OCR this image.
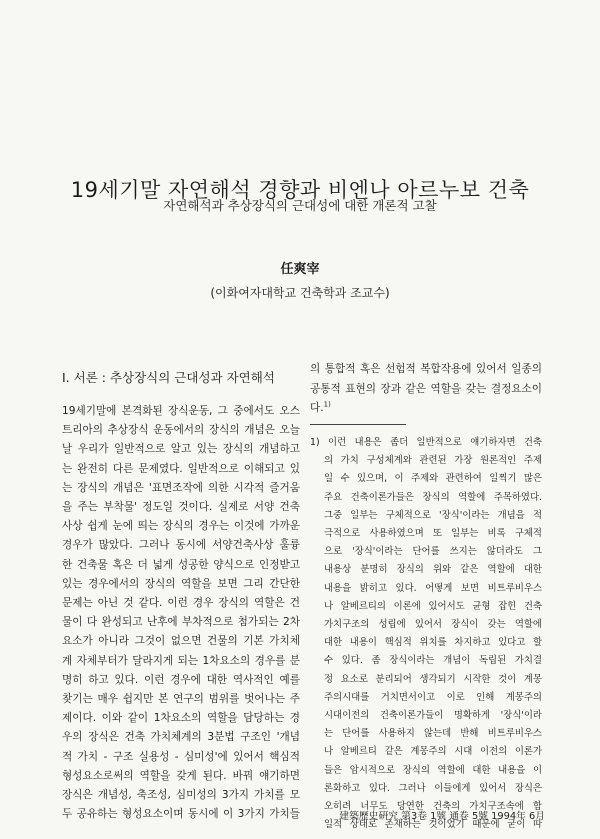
19세기말 자연해석 경향과 비엔나 아르누보 건축
자연해석과 추상장식의 근대성에 대한 개론적 고찰
任爽宰
(이화여자대학교 건축학과 조교수)
I. 서론 : 추상장식의 근대성과 자연해석
19세기말에 본격화된 장식운동, 그 중에서도 오스
트리아의 추상장식 운동에서의 장식의 개념은 오늘
날 우리가 일반적으로 알고 있는 장식의 개념하고
는 완전히 다른 문제였다. 일반적으로 이해되고 있
는 장식의 개념은 '표면조작에 의한 시각적 즐거움
을 주는 부착물' 정도일 것이다. 실제로 서양 건축
사상 쉽게 눈에 띄는 장식의 경우는 이것에 가까운
경우가 많았다. 그러나 동시에 서양건축사상 훌륭
한 건축물 혹은 더 넓게 성공한 양식으로 인정받고
있는 경우에서의 장식의 역할을 보면 그리 간단한
문제는 아닌 것 같다. 이런 경우 장식의 역할은 건
물이 다 완성되고 난후에 부차적으로 첨가되는 2차
요소가 아니라 그것이 없으면 건물의 기본 가치체
계 자체부터가 달라지게 되는 1차요소의 경우를 분
명히 하고 있다. 이런 경우에 대한 역사적인 예를
찾기는 매우 쉽지만 본 연구의 범위를 벗어나는 주
제이다. 이와 같이 1차요소의 역할을 담당하는 경
우의 장식은 건축 가치체계의 3분법 구조인 '개념
적 가치 - 구조 실용성 - 심미성'에 있어서 핵심적
형성요소로써의 역할을 갖게 된다. 바꿔 얘기하면
장식은 개념성, 축조성, 심미성의 3가지 가치를 모
두 공유하는 형성요소이며 동시에 이 3가지 가치들
의 통합적 혹은 선험적 복합작용에 있어서 일종의
공통적 표현의 장과 같은 역할을 갖는 결정요소이
다.$^{1)}$
1) 이런 내용은 좀더 일반적으로 얘기하자면 건축
의 가치 구성체계와 관련된 가장 원론적인 주제
일 수 있으며, 이 주제와 관련하여 일찍기 많은
주요 건축이론가들은 장식의 역할에 주목하였다.
그중 일부는 구체적으로 '장식'이라는 개념을 적
극적으로 사용하였으며 또 일부는 비록 구체적
으로 '장식'이라는 단어를 쓰지는 않더라도 그
내용상 분명히 장식의 위와 같은 역할에 대한
내용을 밝히고 있다. 어떻게 보면 비트루비우스
나 알베르티의 이론에 있어서도 균형 잡힌 건축
가치구조의 성립에 있어서 장식이 갖는 역할에
대한 내용이 핵심적 위치를 차지하고 있다고 할
수 있다. 좀 장식이라는 개념이 독립된 가치결
정 요소로 분리되어 생각되기 시작한 것이 계몽
주의시대를 거치면서이고 이로 인해 계몽주의
시대이전의 건축이론가들이 명확하게 '장식'이라
는 단어를 사용하지 않는데 반해 비트루비우스
나 알베르티 같은 계몽주의 시대 이전의 이론가
들은 암시적으로 장식의 역할에 대한 내용을 이
론화하고 있다. 그러나 이들에게 있어서 장식은
오히려 너무도 당연한 건축의 가치구조속에 합
일적 상태로 존재하는 것이었기 때문에 굳이 따
建築歷史硏究 第3卷 1號 通卷 5號 1994年 6月
